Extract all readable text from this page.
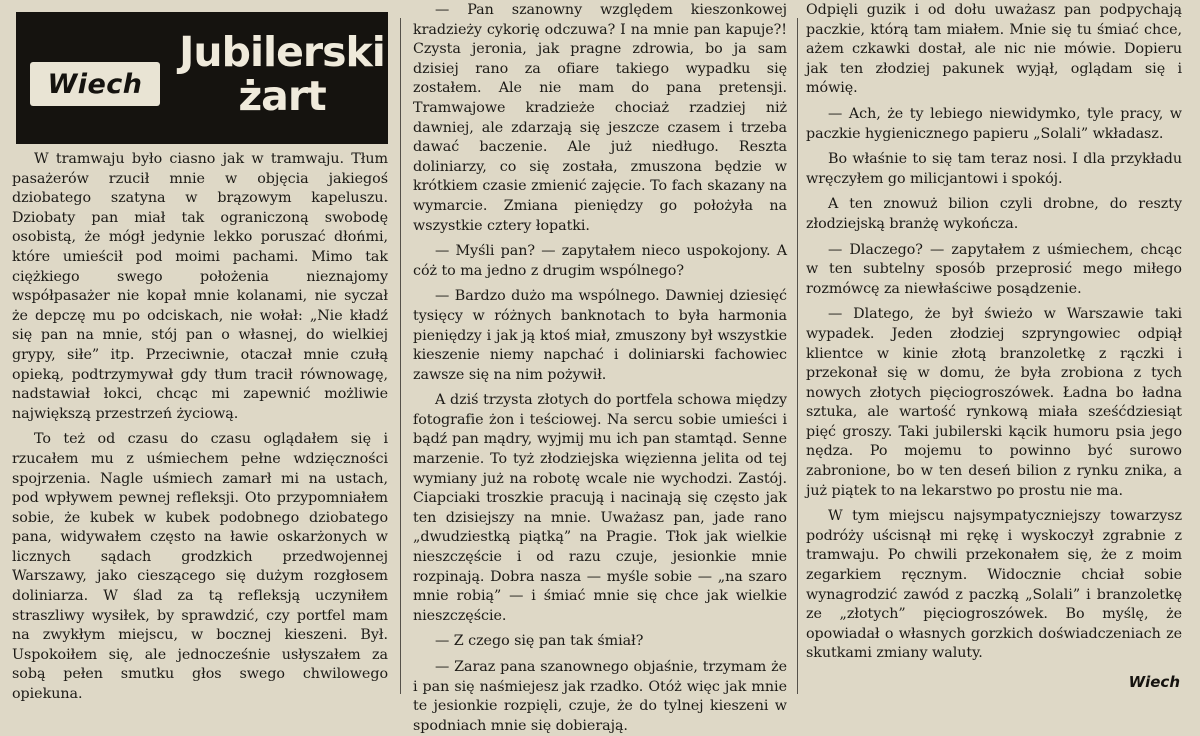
Wiech
Jubilerski
żart

W tramwaju było ciasno jak w tramwaju. Tłum pasażerów rzucił mnie w objęcia jakiegoś dziobatego szatyna w brązowym kapeluszu. Dziobaty pan miał tak ograniczoną swobodę osobistą, że mógł jedynie lekko poruszać dłońmi, które umieścił pod moimi pachami. Mimo tak ciężkiego swego położenia nieznajomy współpasażer nie kopał mnie kolanami, nie syczał że depczę mu po odciskach, nie wołał: „Nie kładź się pan na mnie, stój pan o własnej, do wielkiej grypy, siłe” itp. Przeciwnie, otaczał mnie czułą opieką, podtrzymywał gdy tłum tracił równowagę, nadstawiał łokci, chcąc mi zapewnić możliwie największą przestrzeń życiową.

To też od czasu do czasu oglądałem się i rzucałem mu z uśmiechem pełne wdzięczności spojrzenia. Nagle uśmiech zamarł mi na ustach, pod wpływem pewnej refleksji. Oto przypomniałem sobie, że kubek w kubek podobnego dziobatego pana, widywałem często na ławie oskarżonych w licznych sądach grodzkich przedwojennej Warszawy, jako cieszącego się dużym rozgłosem doliniarza. W ślad za tą refleksją uczyniłem straszliwy wysiłek, by sprawdzić, czy portfel mam na zwykłym miejscu, w bocznej kieszeni. Był. Uspokoiłem się, ale jednocześnie usłyszałem za sobą pełen smutku głos swego chwilowego opiekuna.

— Pan szanowny względem kieszonkowej kradzieży cykorię odczuwa? I na mnie pan kapuje?! Czysta jeronia, jak pragne zdrowia, bo ja sam dzisiej rano za ofiare takiego wypadku się zostałem. Ale nie mam do pana pretensji. Tramwajowe kradzieże chociaż rzadziej niż dawniej, ale zdarzają się jeszcze czasem i trzeba dawać baczenie. Ale już niedługo. Reszta doliniarzy, co się została, zmuszona będzie w krótkiem czasie zmienić zajęcie. To fach skazany na wymarcie. Zmiana pieniędzy go położyła na wszystkie cztery łopatki.

— Myśli pan? — zapytałem nieco uspokojony. A cóż to ma jedno z drugim wspólnego?

— Bardzo dużo ma wspólnego. Dawniej dziesięć tysięcy w różnych banknotach to była harmonia pieniędzy i jak ją ktoś miał, zmuszony był wszystkie kieszenie niemy napchać i doliniarski fachowiec zawsze się na nim pożywił.

A dziś trzysta złotych do portfela schowa między fotografie żon i teściowej. Na sercu sobie umieści i bądź pan mądry, wyjmij mu ich pan stamtąd. Senne marzenie. To tyż złodziejska więzienna jelita od tej wymiany już na robotę wcale nie wychodzi. Zastój. Ciapciaki troszkie pracują i nacinają się często jak ten dzisiejszy na mnie. Uważasz pan, jade rano „dwudziestką piątką” na Pragie. Tłok jak wielkie nieszczęście i od razu czuje, jesionkie mnie rozpinają. Dobra nasza — myśle sobie — „na szaro mnie robią” — i śmiać mnie się chce jak wielkie nieszczęście.

— Z czego się pan tak śmiał?

— Zaraz pana szanownego objaśnie, trzymam że i pan się naśmiejesz jak rzadko. Otóż więc jak mnie te jesionkie rozpięli, czuje, że do tylnej kieszeni w spodniach mnie się dobierają.

Odpięli guzik i od dołu uważasz pan podpychają paczkie, którą tam miałem. Mnie się tu śmiać chce, ażem czkawki dostał, ale nic nie mówie. Dopieru jak ten złodziej pakunek wyjął, oglądam się i mówię.

— Ach, że ty lebiego niewidymko, tyle pracy, w paczkie hygienicznego papieru „Solali” wkładasz.

Bo właśnie to się tam teraz nosi. I dla przykładu wręczyłem go milicjantowi i spokój.

A ten znowuż bilion czyli drobne, do reszty złodziejską branżę wykończa.

— Dlaczego? — zapytałem z uśmiechem, chcąc w ten subtelny sposób przeprosić mego miłego rozmówcę za niewłaściwe posądzenie.

— Dlatego, że był świeżo w Warszawie taki wypadek. Jeden złodziej szpryngowiec odpiął klientce w kinie złotą branzoletkę z rączki i przekonał się w domu, że była zrobiona z tych nowych złotych pięciogroszówek. Ładna bo ładna sztuka, ale wartość rynkową miała sześćdziesiąt pięć groszy. Taki jubilerski kącik humoru psia jego nędza. Po mojemu to powinno być surowo zabronione, bo w ten deseń bilion z rynku znika, a już piątek to na lekarstwo po prostu nie ma.

W tym miejscu najsympatyczniejszy towarzysz podróży uścisnął mi rękę i wyskoczył zgrabnie z tramwaju. Po chwili przekonałem się, że z moim zegarkiem ręcznym. Widocznie chciał sobie wynagrodzić zawód z paczką „Solali” i branzoletkę ze „złotych” pięciogroszówek. Bo myślę, że opowiadał o własnych gorzkich doświadczeniach ze skutkami zmiany waluty.

Wiech
